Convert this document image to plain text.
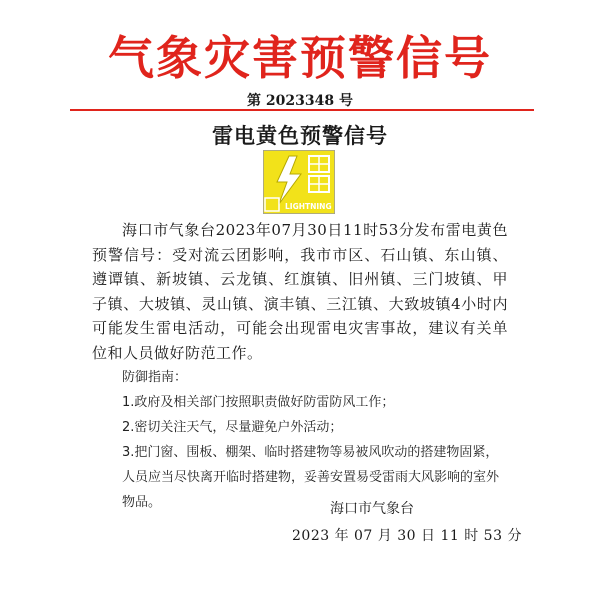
气象灾害预警信号
第 2023348 号
雷电黄色预警信号
LIGHTNING
海口市气象台2023年07月30日11时53分发布雷电黄色预警信号：受对流云团影响，我市市区、石山镇、东山镇、遵谭镇、新坡镇、云龙镇、红旗镇、旧州镇、三门坡镇、甲子镇、大坡镇、灵山镇、演丰镇、三江镇、大致坡镇4小时内可能发生雷电活动，可能会出现雷电灾害事故，建议有关单位和人员做好防范工作。
防御指南：
1.政府及相关部门按照职责做好防雷防风工作；
2.密切关注天气，尽量避免户外活动；
3.把门窗、围板、棚架、临时搭建物等易被风吹动的搭建物固紧， 人员应当尽快离开临时搭建物，妥善安置易受雷雨大风影响的室外物品。	海口市气象台
2023 年 07 月 30 日 11 时 53 分
